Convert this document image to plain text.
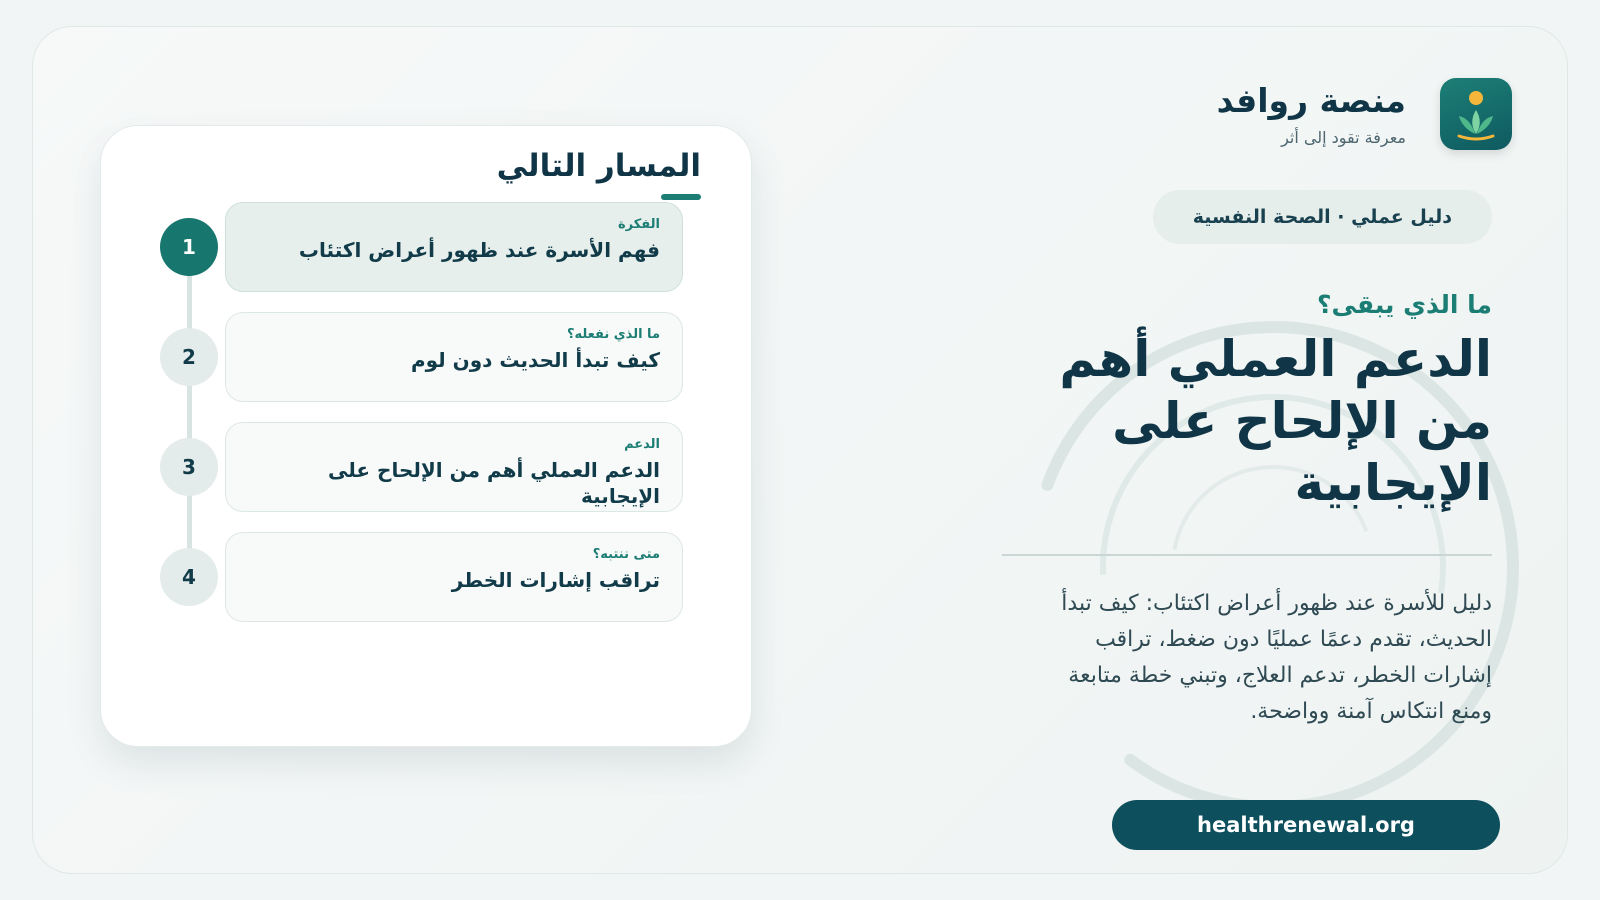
منصة روافد
معرفة تقود إلى أثر
دليل عملي · الصحة النفسية
ما الذي يبقى؟
الدعم العملي أهم من الإلحاح على الإيجابية

دليل للأسرة عند ظهور أعراض اكتئاب: كيف تبدأ الحديث، تقدم دعمًا عمليًا دون ضغط، تراقب إشارات الخطر، تدعم العلاج، وتبني خطة متابعة ومنع انتكاس آمنة وواضحة.

healthrenewal.org
المسار التالي
1
الفكرة
فهم الأسرة عند ظهور أعراض اكتئاب
2
ما الذي نفعله؟
كيف تبدأ الحديث دون لوم
3
الدعم
الدعم العملي أهم من الإلحاح على الإيجابية
4
متى ننتبه؟
تراقب إشارات الخطر
